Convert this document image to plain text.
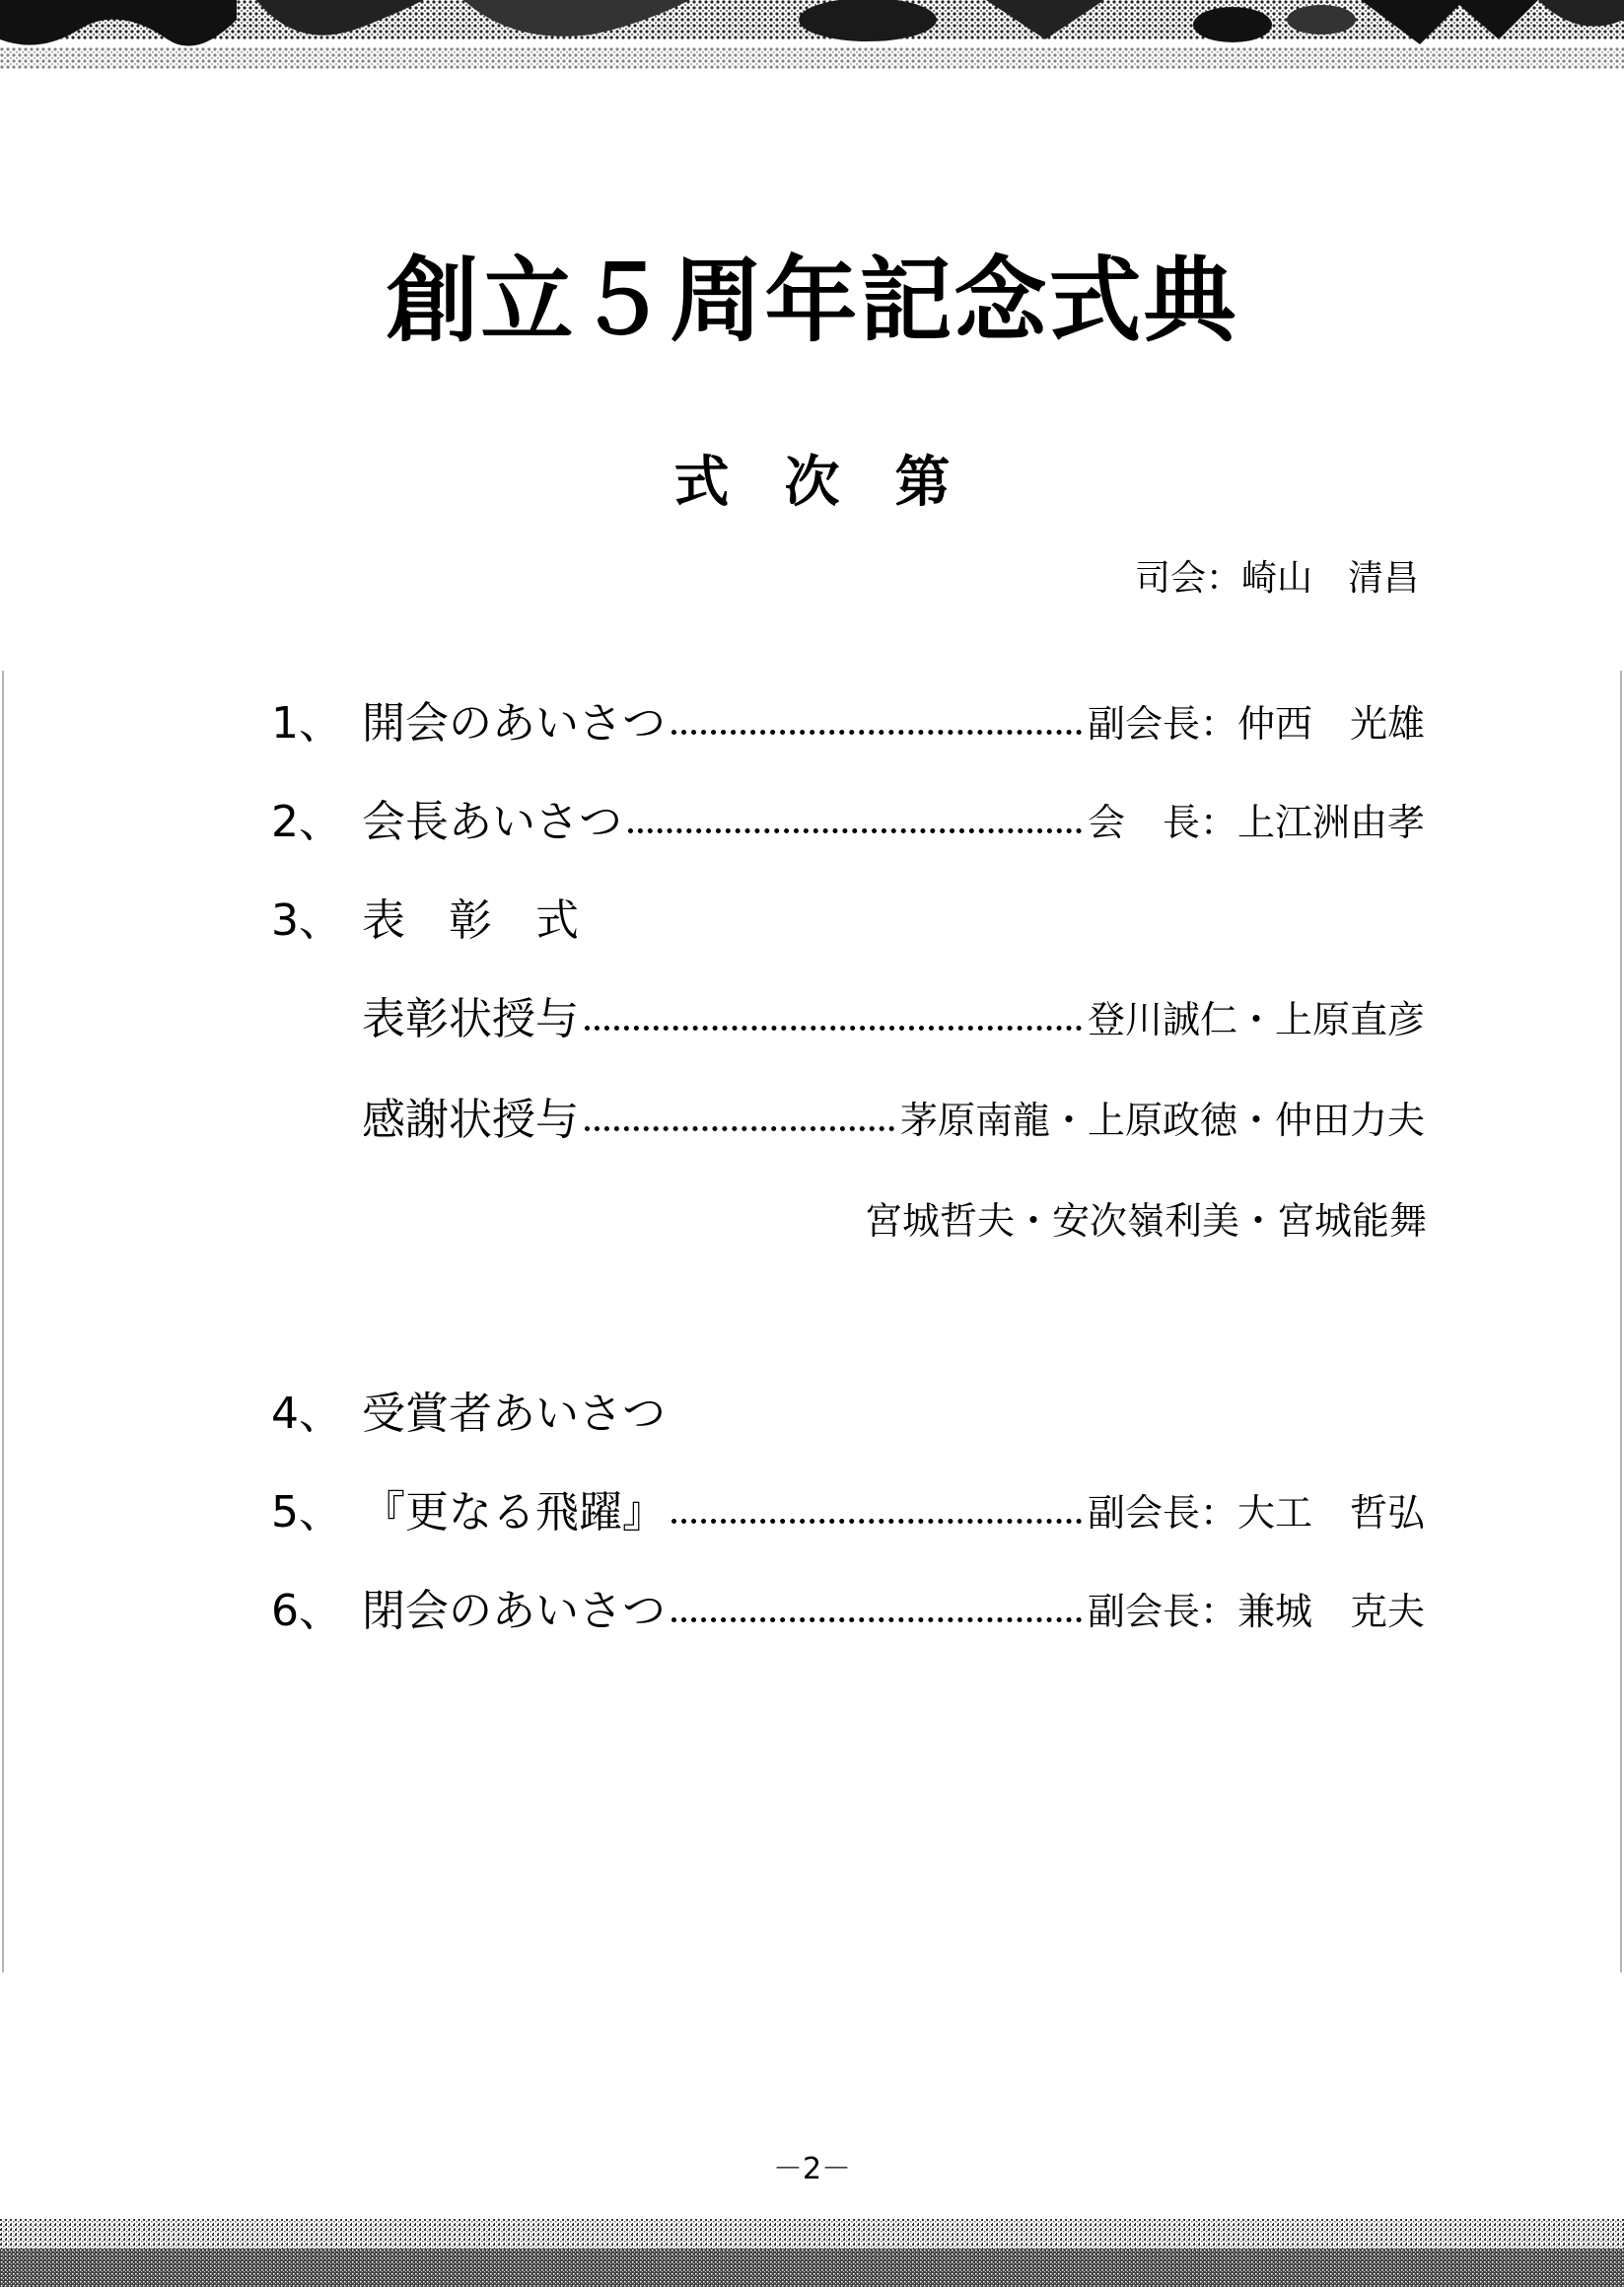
創立５周年記念式典
式　次　第
司会：崎山　清昌
1、 開会のあいさつ	副会長：仲西　光雄
2、 会長あいさつ	会　長：上江洲由孝
3、 表　彰　式
表彰状授与	登川誠仁・上原直彦
感謝状授与	茅原南龍・上原政徳・仲田力夫
宮城哲夫・安次嶺利美・宮城能舞
4、 受賞者あいさつ
5、 『更なる飛躍』	副会長：大工　哲弘
6、 閉会のあいさつ	副会長：兼城　克夫
－2－
